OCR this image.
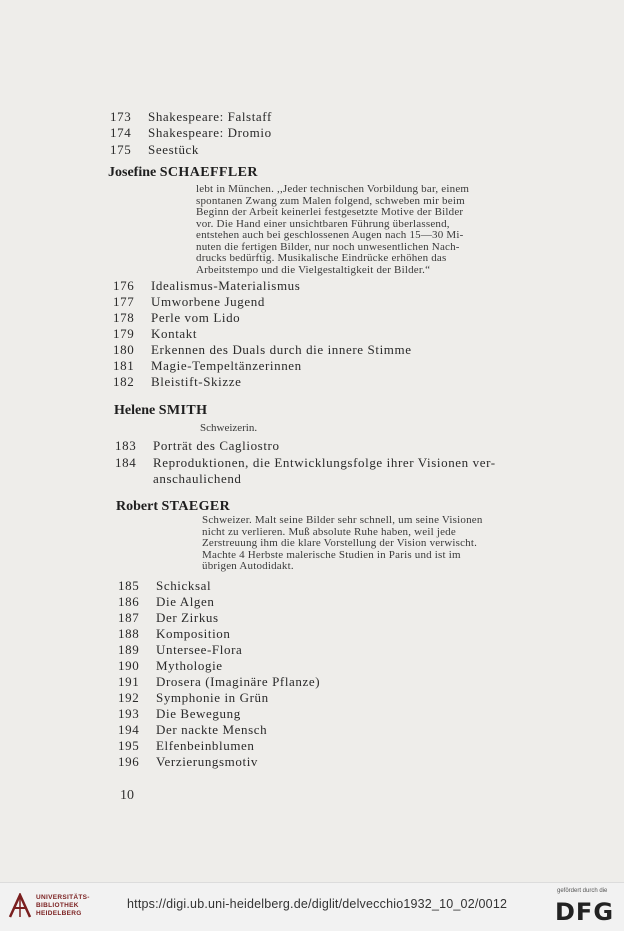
173 Shakespeare: Falstaff
174 Shakespeare: Dromio
175 Seestück
Josefine SCHAEFFLER
lebt in München. ,,Jeder technischen Vorbildung bar, einem
spontanen Zwang zum Malen folgend, schweben mir beim
Beginn der Arbeit keinerlei festgesetzte Motive der Bilder
vor. Die Hand einer unsichtbaren Führung überlassend,
entstehen auch bei geschlossenen Augen nach 15—30 Mi-
nuten die fertigen Bilder, nur noch unwesentlichen Nach-
drucks bedürftig. Musikalische Eindrücke erhöhen das
Arbeitstempo und die Vielgestaltigkeit der Bilder.“
176 Idealismus-Materialismus
177 Umworbene Jugend
178 Perle vom Lido
179 Kontakt
180 Erkennen des Duals durch die innere Stimme
181 Magie-Tempeltänzerinnen
182 Bleistift-Skizze
Helene SMITH
Schweizerin.
183 Porträt des Cagliostro
184 Reproduktionen, die Entwicklungsfolge ihrer Visionen ver-
anschaulichend
Robert STAEGER
Schweizer. Malt seine Bilder sehr schnell, um seine Visionen
nicht zu verlieren. Muß absolute Ruhe haben, weil jede
Zerstreuung ihm die klare Vorstellung der Vision verwischt.
Machte 4 Herbste malerische Studien in Paris und ist im
übrigen Autodidakt.
185 Schicksal
186 Die Algen
187 Der Zirkus
188 Komposition
189 Untersee-Flora
190 Mythologie
191 Drosera (Imaginäre Pflanze)
192 Symphonie in Grün
193 Die Bewegung
194 Der nackte Mensch
195 Elfenbeinblumen
196 Verzierungsmotiv
10
UNIVERSITÄTS-
BIBLIOTHEK
HEIDELBERG
https://digi.ub.uni-heidelberg.de/diglit/delvecchio1932_10_02/0012
gefördert durch die
DFG
